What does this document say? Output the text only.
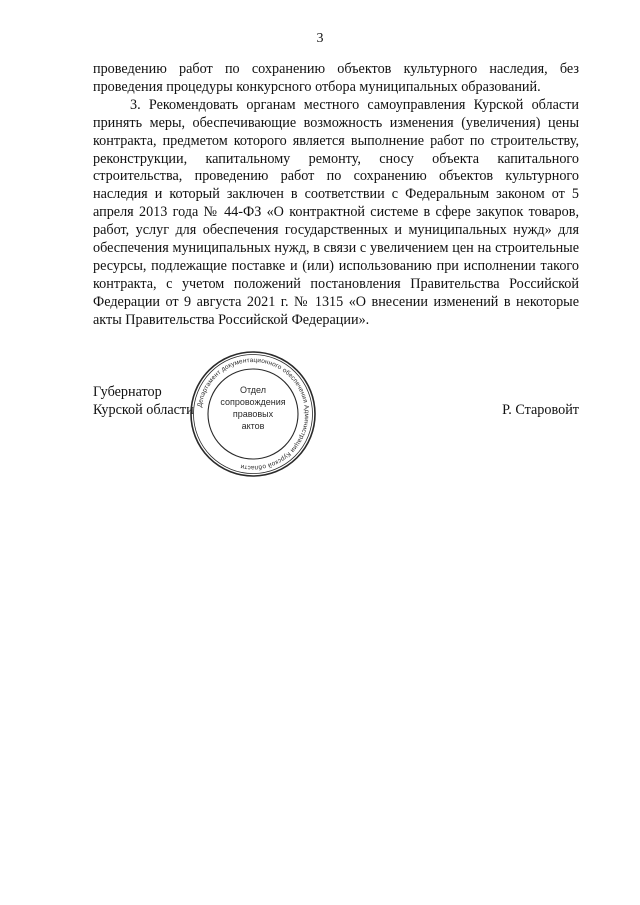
3

проведению работ по сохранению объектов культурного наследия, без проведения процедуры конкурсного отбора муниципальных образований.

3. Рекомендовать органам местного самоуправления Курской области принять меры, обеспечивающие возможность изменения (увеличения) цены контракта, предметом которого является выполнение работ по строительству, реконструкции, капитальному ремонту, сносу объекта капитального строительства, проведению работ по сохранению объектов культурного наследия и который заключен в соответствии с Федеральным законом от 5 апреля 2013 года № 44-ФЗ «О контрактной системе в сфере закупок товаров, работ, услуг для обеспечения государственных и муниципальных нужд» для обеспечения муниципальных нужд, в связи с увеличением цен на строительные ресурсы, подлежащие поставке и (или) использованию при исполнении такого контракта, с учетом положений постановления Правительства Российской Федерации от 9 августа 2021 г. № 1315 «О внесении изменений в некоторые акты Правительства Российской Федерации».

Губернатор
Курской области	Р. Старовойт
Департамент документационного обеспечения Администрации Курской области
Отдел
сопровождения
правовых
актов
